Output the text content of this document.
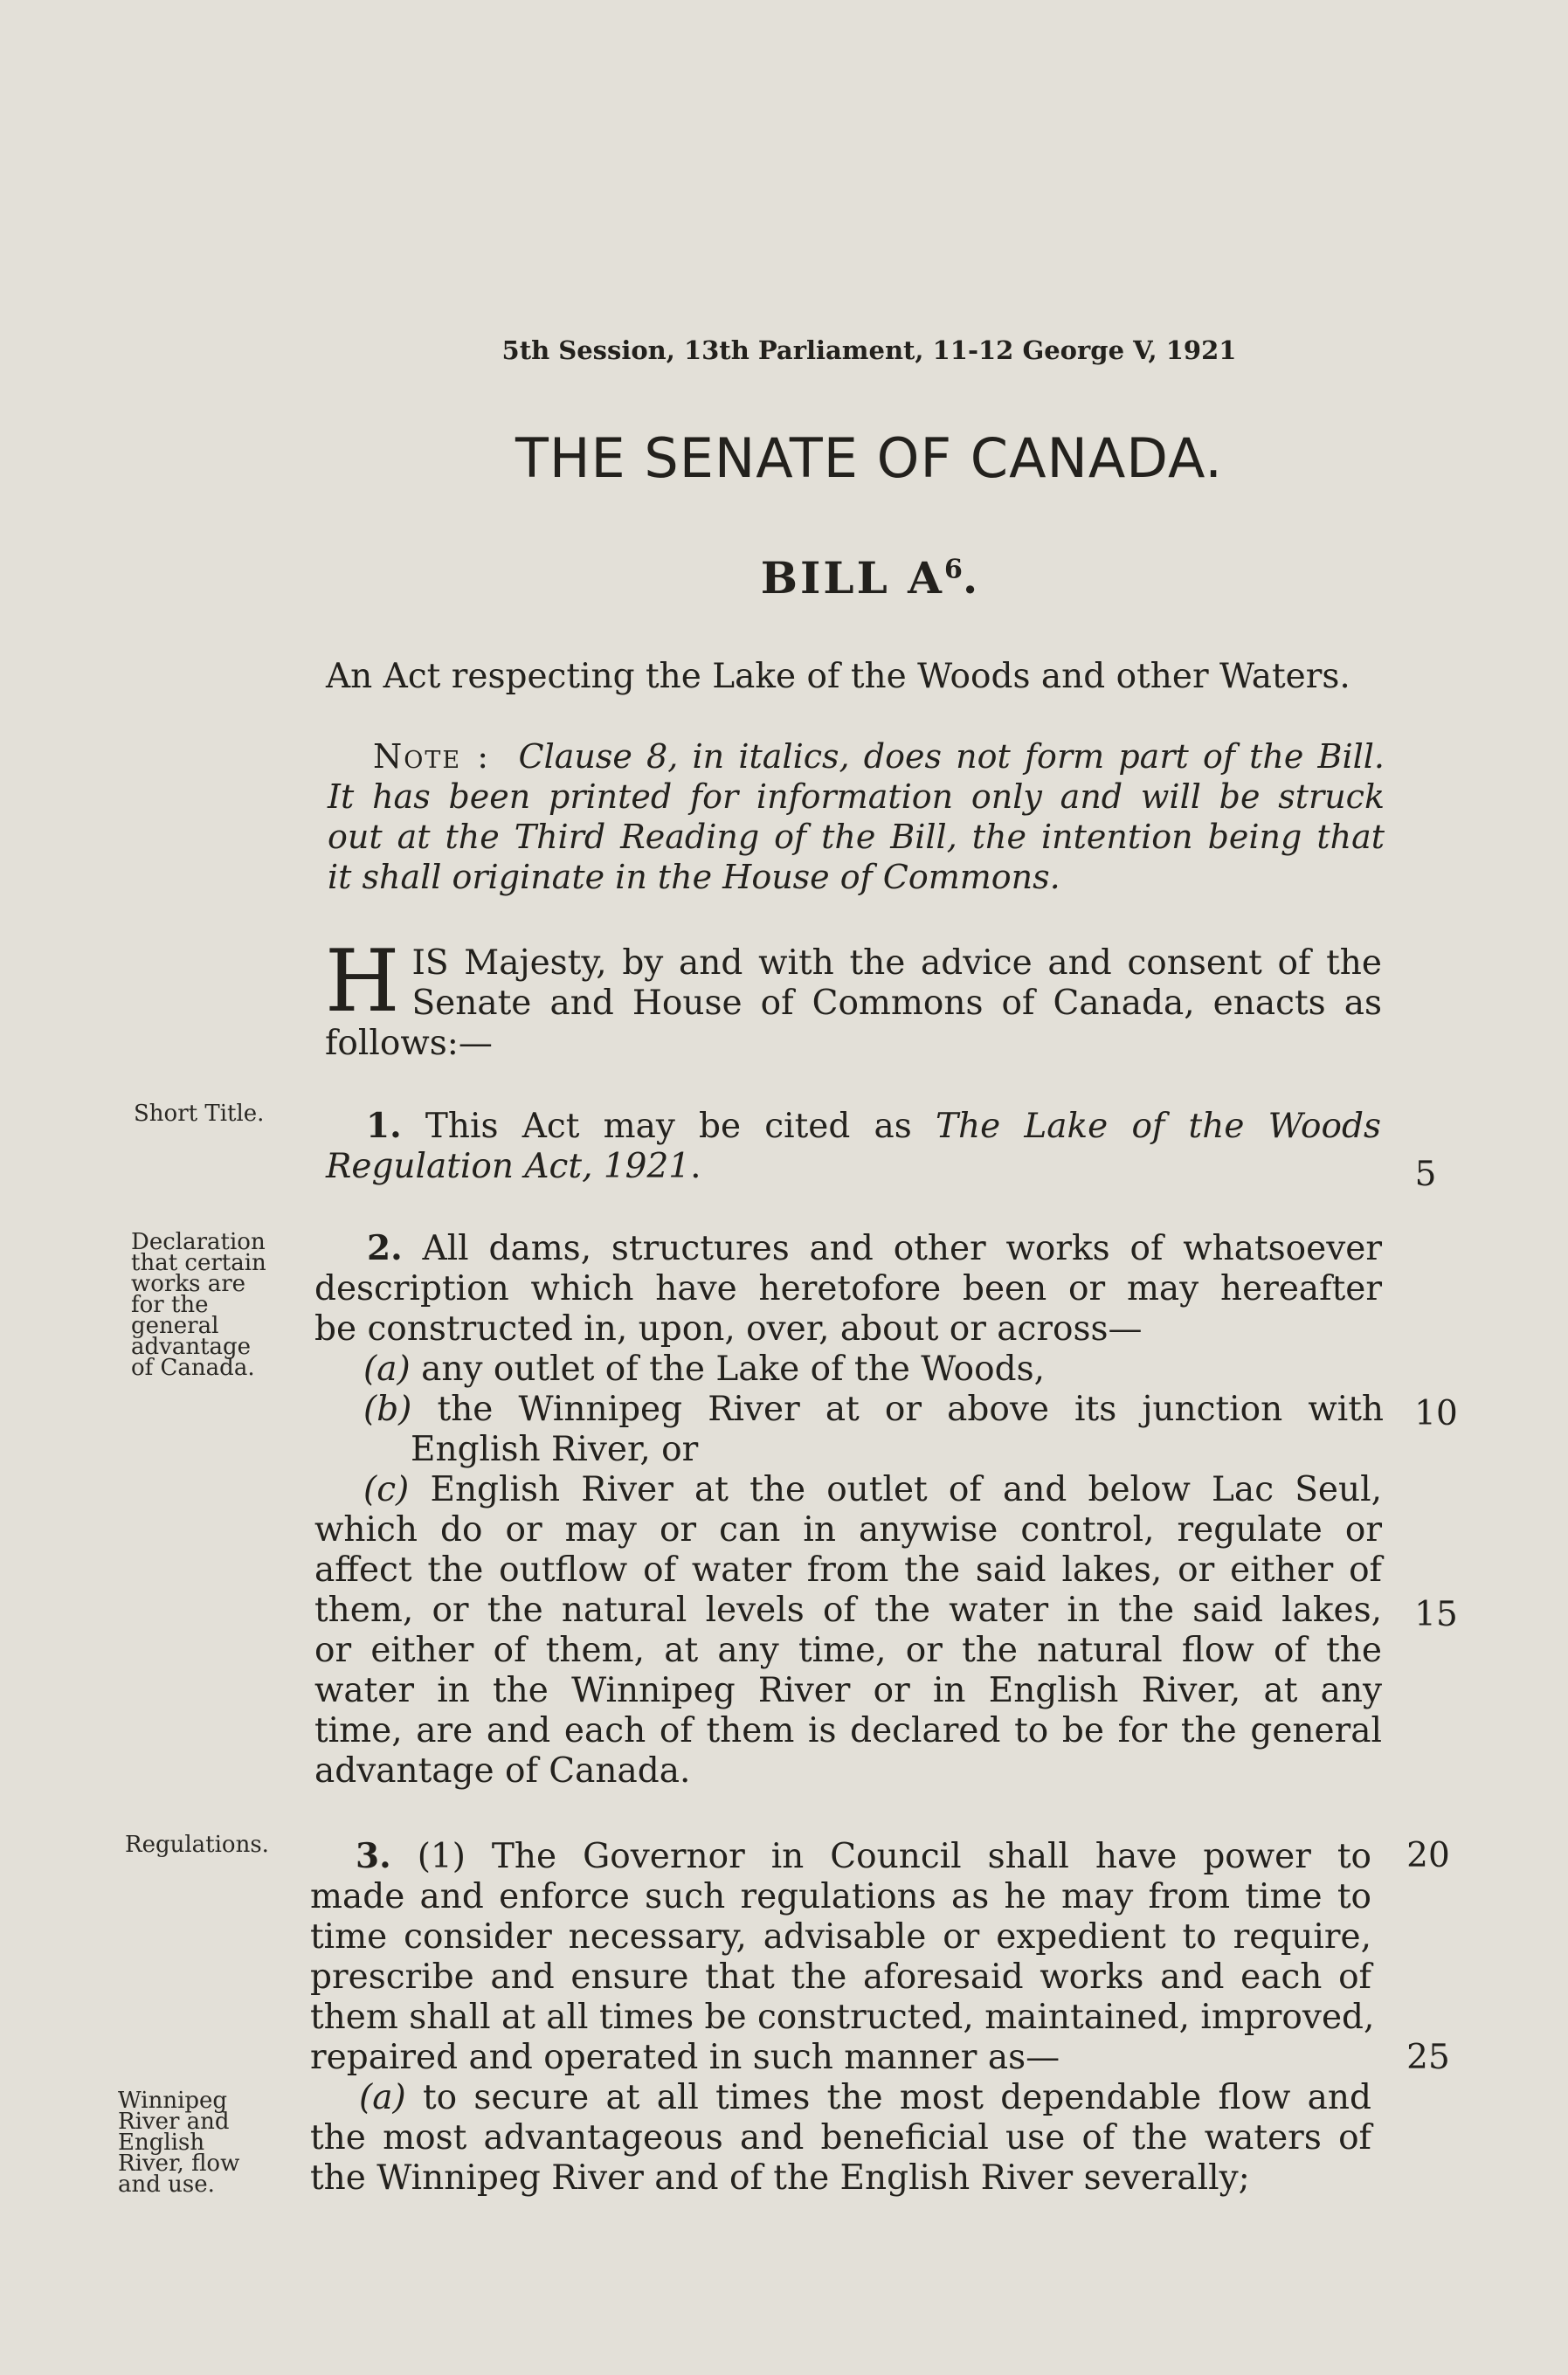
5th Session, 13th Parliament, 11-12 George V, 1921
THE SENATE OF CANADA.
BILL $A^6$.
An Act respecting the Lake of the Woods and other Waters.
Note : Clause 8, in italics, does not form part of the Bill.
It has been printed for information only and will be struck
out at the Third Reading of the Bill, the intention being that
it shall originate in the House of Commons.
H IS Majesty, by and with the advice and consent of the
Senate and House of Commons of Canada, enacts as
follows:—
Short Title.
Declaration
that certain
works are
for the
general
advantage
of Canada.
Regulations.
Winnipeg
River and
English
River, flow
and use.
1. This Act may be cited as The Lake of the Woods
Regulation Act, 1921.
2. All dams, structures and other works of whatsoever
description which have heretofore been or may hereafter
be constructed in, upon, over, about or across—
(a) any outlet of the Lake of the Woods,
(b) the Winnipeg River at or above its junction with
English River, or
(c) English River at the outlet of and below Lac Seul,
which do or may or can in anywise control, regulate or
affect the outflow of water from the said lakes, or either of
them, or the natural levels of the water in the said lakes,
or either of them, at any time, or the natural flow of the
water in the Winnipeg River or in English River, at any
time, are and each of them is declared to be for the general
advantage of Canada.
3. (1) The Governor in Council shall have power to
made and enforce such regulations as he may from time to
time consider necessary, advisable or expedient to require,
prescribe and ensure that the aforesaid works and each of
them shall at all times be constructed, maintained, improved,
repaired and operated in such manner as—
(a) to secure at all times the most dependable flow and
the most advantageous and beneficial use of the waters of
the Winnipeg River and of the English River severally;
5
10
15
20
25
